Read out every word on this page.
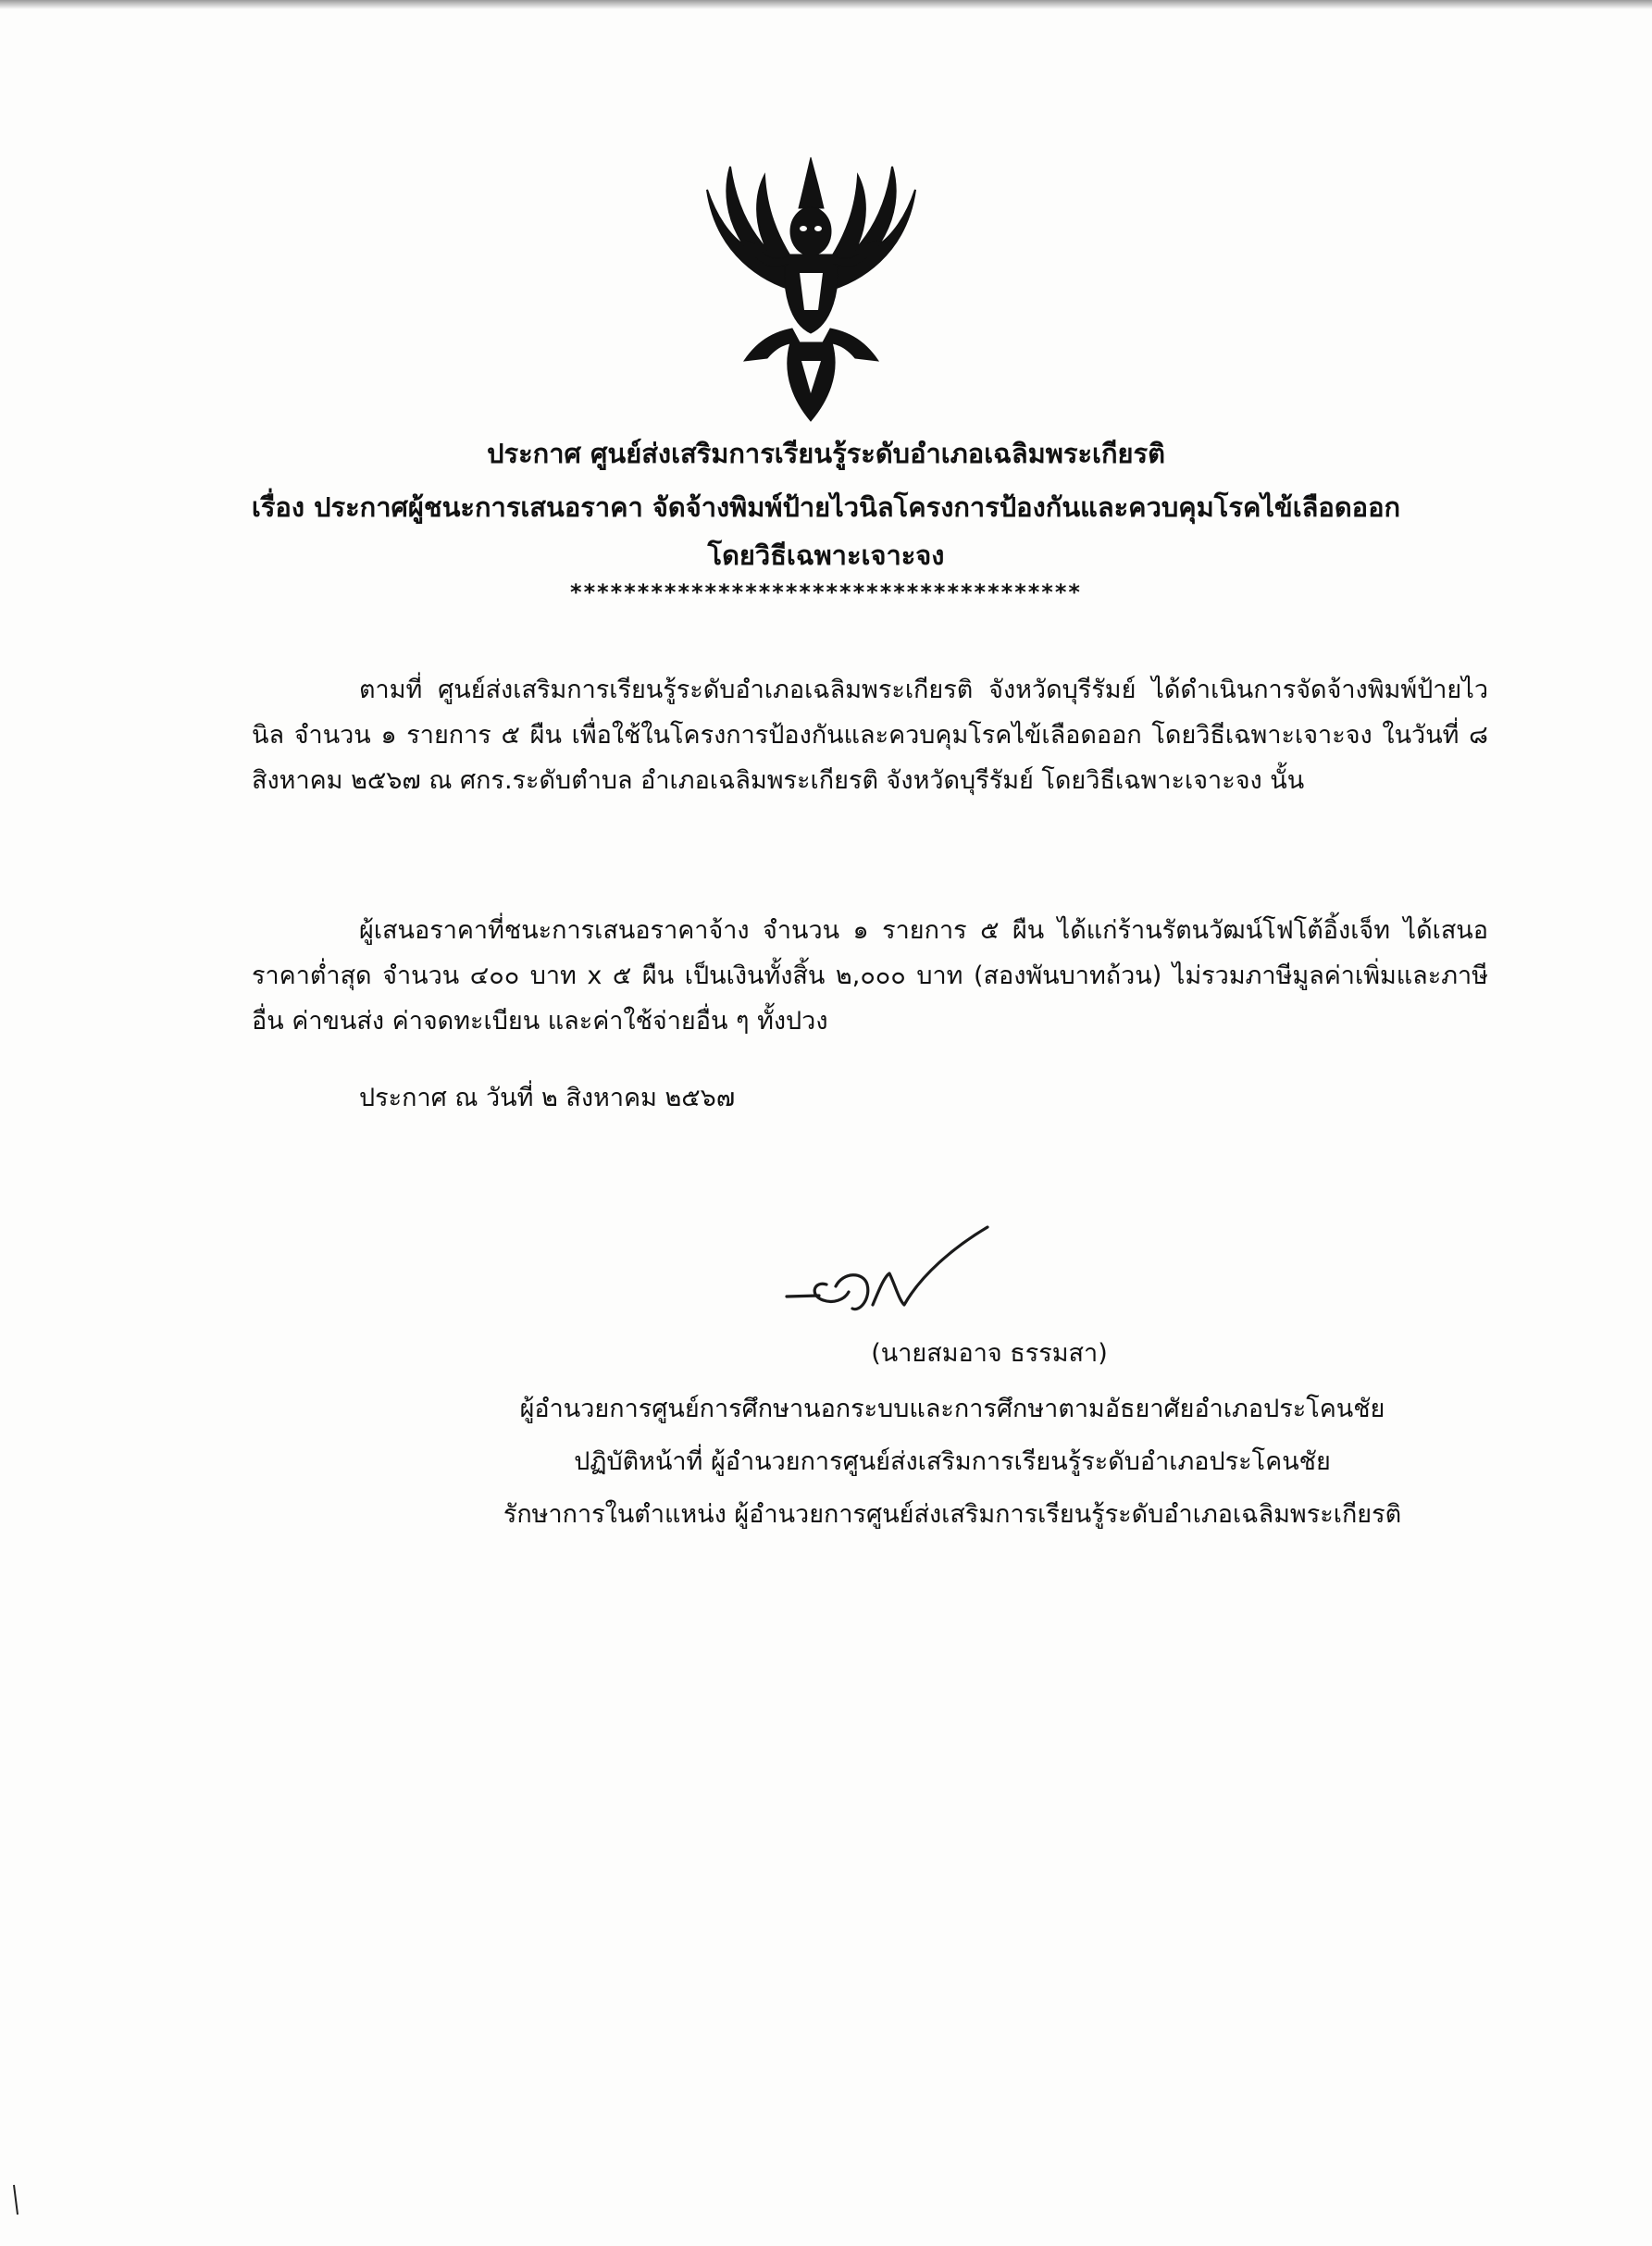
ประกาศ ศูนย์ส่งเสริมการเรียนรู้ระดับอำเภอเฉลิมพระเกียรติ
เรื่อง ประกาศผู้ชนะการเสนอราคา จัดจ้างพิมพ์ป้ายไวนิลโครงการป้องกันและควบคุมโรคไข้เลือดออก
โดยวิธีเฉพาะเจาะจง
**************************************
ตามที่ ศูนย์ส่งเสริมการเรียนรู้ระดับอำเภอเฉลิมพระเกียรติ จังหวัดบุรีรัมย์ ได้ดำเนินการจัดจ้างพิมพ์ป้ายไวนิล จำนวน ๑ รายการ ๕ ผืน เพื่อใช้ในโครงการป้องกันและควบคุมโรคไข้เลือดออก โดยวิธีเฉพาะเจาะจง ในวันที่ ๘ สิงหาคม ๒๕๖๗ ณ ศกร.ระดับตำบล อำเภอเฉลิมพระเกียรติ จังหวัดบุรีรัมย์ โดยวิธีเฉพาะเจาะจง นั้น
ผู้เสนอราคาที่ชนะการเสนอราคาจ้าง จำนวน ๑ รายการ ๕ ผืน ได้แก่ร้านรัตนวัฒน์โฟโต้อิ้งเจ็ท ได้เสนอราคาต่ำสุด จำนวน ๔๐๐ บาท x ๕ ผืน เป็นเงินทั้งสิ้น ๒,๐๐๐ บาท (สองพันบาทถ้วน) ไม่รวมภาษีมูลค่าเพิ่มและภาษีอื่น ค่าขนส่ง ค่าจดทะเบียน และค่าใช้จ่ายอื่น ๆ ทั้งปวง
ประกาศ ณ วันที่ ๒ สิงหาคม ๒๕๖๗
(นายสมอาจ ธรรมสา)
ผู้อำนวยการศูนย์การศึกษานอกระบบและการศึกษาตามอัธยาศัยอำเภอประโคนชัย
ปฏิบัติหน้าที่ ผู้อำนวยการศูนย์ส่งเสริมการเรียนรู้ระดับอำเภอประโคนชัย
รักษาการในตำแหน่ง ผู้อำนวยการศูนย์ส่งเสริมการเรียนรู้ระดับอำเภอเฉลิมพระเกียรติ
